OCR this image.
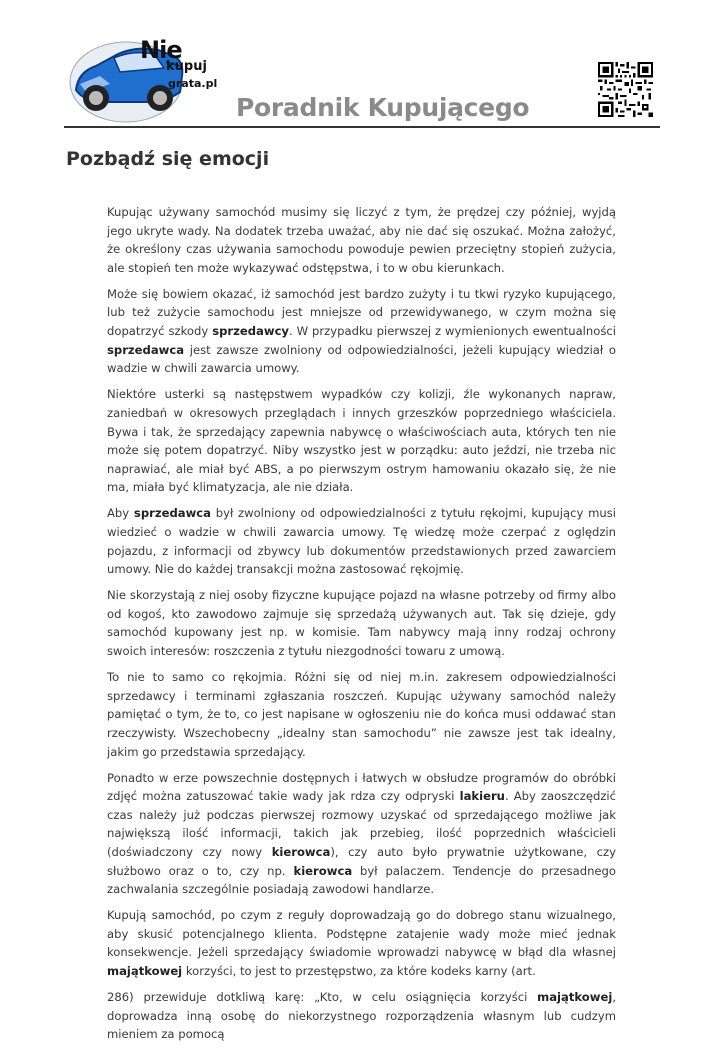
Nie
kupuj
grata.pl
Poradnik Kupującego
Pozbądź się emocji

Kupując używany samochód musimy się liczyć z tym, że prędzej czy później, wyjdą jego ukryte wady. Na dodatek trzeba uważać, aby nie dać się oszukać. Można założyć, że określony czas używania samochodu powoduje pewien przeciętny stopień zużycia, ale stopień ten może wykazywać odstępstwa, i to w obu kierunkach.

Może się bowiem okazać, iż samochód jest bardzo zużyty i tu tkwi ryzyko kupującego, lub też zużycie samochodu jest mniejsze od przewidywanego, w czym można się dopatrzyć szkody sprzedawcy. W przypadku pierwszej z wymienionych ewentualności sprzedawca jest zawsze zwolniony od odpowiedzialności, jeżeli kupujący wiedział o wadzie w chwili zawarcia umowy.

Niektóre usterki są następstwem wypadków czy kolizji, źle wykonanych napraw, zaniedbań w okresowych przeglądach i innych grzeszków poprzedniego właściciela. Bywa i tak, że sprzedający zapewnia nabywcę o właściwościach auta, których ten nie może się potem dopatrzyć. Niby wszystko jest w porządku: auto jeździ, nie trzeba nic naprawiać, ale miał być ABS, a po pierwszym ostrym hamowaniu okazało się, że nie ma, miała być klimatyzacja, ale nie działa.

Aby sprzedawca był zwolniony od odpowiedzialności z tytułu rękojmi, kupujący musi wiedzieć o wadzie w chwili zawarcia umowy. Tę wiedzę może czerpać z oględzin pojazdu, z informacji od zbywcy lub dokumentów przedstawionych przed zawarciem umowy. Nie do każdej transakcji można zastosować rękojmię.

Nie skorzystają z niej osoby fizyczne kupujące pojazd na własne potrzeby od firmy albo od kogoś, kto zawodowo zajmuje się sprzedażą używanych aut. Tak się dzieje, gdy samochód kupowany jest np. w komisie. Tam nabywcy mają inny rodzaj ochrony swoich interesów: roszczenia z tytułu niezgodności towaru z umową.

To nie to samo co rękojmia. Różni się od niej m.in. zakresem odpowiedzialności sprzedawcy i terminami zgłaszania roszczeń. Kupując używany samochód należy pamiętać o tym, że to, co jest napisane w ogłoszeniu nie do końca musi oddawać stan rzeczywisty. Wszechobecny „idealny stan samochodu” nie zawsze jest tak idealny, jakim go przedstawia sprzedający.

Ponadto w erze powszechnie dostępnych i łatwych w obsłudze programów do obróbki zdjęć można zatuszować takie wady jak rdza czy odpryski lakieru. Aby zaoszczędzić czas należy już podczas pierwszej rozmowy uzyskać od sprzedającego możliwe jak największą ilość informacji, takich jak przebieg, ilość poprzednich właścicieli (doświadczony czy nowy kierowca), czy auto było prywatnie użytkowane, czy służbowo oraz o to, czy np. kierowca był palaczem. Tendencje do przesadnego zachwalania szczególnie posiadają zawodowi handlarze.

Kupują samochód, po czym z reguły doprowadzają go do dobrego stanu wizualnego, aby skusić potencjalnego klienta. Podstępne zatajenie wady może mieć jednak konsekwencje. Jeżeli sprzedający świadomie wprowadzi nabywcę w błąd dla własnej majątkowej korzyści, to jest to przestępstwo, za które kodeks karny (art.

286) przewiduje dotkliwą karę: „Kto, w celu osiągnięcia korzyści majątkowej, doprowadza inną osobę do niekorzystnego rozporządzenia własnym lub cudzym mieniem za pomocą
